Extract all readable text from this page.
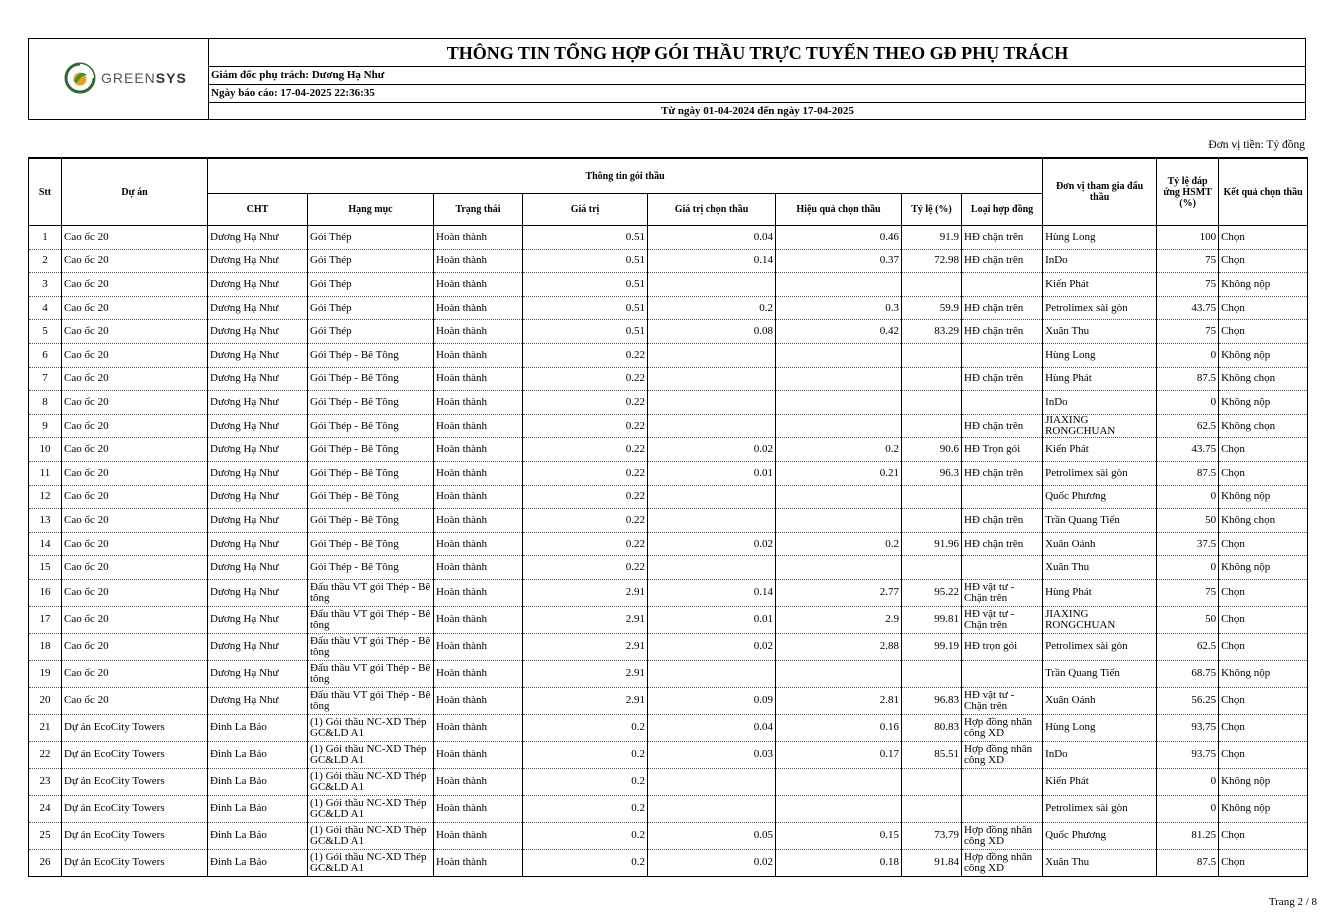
GREENSYS
THÔNG TIN TỔNG HỢP GÓI THẦU TRỰC TUYẾN THEO GĐ PHỤ TRÁCH
Giám đốc phụ trách: Dương Hạ Như
Ngày báo cáo: 17-04-2025 22:36:35
Từ ngày 01-04-2024 đến ngày 17-04-2025
Đơn vị tiền: Tỷ đồng
Stt	Dự án	Thông tin gói thầu								Đơn vị tham gia đấu thầu	Tỷ lệ đáp ứng HSMT (%)	Kết quả chọn thầu
		CHT	Hạng mục	Trạng thái	Giá trị	Giá trị chọn thầu	Hiệu quả chọn thầu	Tỷ lệ (%)	Loại hợp đồng			
1	Cao ốc 20	Dương Hạ Như	Gói Thép	Hoàn thành	0.51	0.04	0.46	91.9	HĐ chặn trên	Hùng Long	100	Chọn
2	Cao ốc 20	Dương Hạ Như	Gói Thép	Hoàn thành	0.51	0.14	0.37	72.98	HĐ chặn trên	InDo	75	Chọn
3	Cao ốc 20	Dương Hạ Như	Gói Thép	Hoàn thành	0.51					Kiến Phát	75	Không nộp
4	Cao ốc 20	Dương Hạ Như	Gói Thép	Hoàn thành	0.51	0.2	0.3	59.9	HĐ chặn trên	Petrolimex sài gòn	43.75	Chọn
5	Cao ốc 20	Dương Hạ Như	Gói Thép	Hoàn thành	0.51	0.08	0.42	83.29	HĐ chặn trên	Xuân Thu	75	Chọn
6	Cao ốc 20	Dương Hạ Như	Gói Thép - Bê Tông	Hoàn thành	0.22					Hùng Long	0	Không nộp
7	Cao ốc 20	Dương Hạ Như	Gói Thép - Bê Tông	Hoàn thành	0.22				HĐ chặn trên	Hùng Phát	87.5	Không chọn
8	Cao ốc 20	Dương Hạ Như	Gói Thép - Bê Tông	Hoàn thành	0.22					InDo	0	Không nộp
9	Cao ốc 20	Dương Hạ Như	Gói Thép - Bê Tông	Hoàn thành	0.22				HĐ chặn trên	JIAXING RONGCHUAN	62.5	Không chọn
10	Cao ốc 20	Dương Hạ Như	Gói Thép - Bê Tông	Hoàn thành	0.22	0.02	0.2	90.6	HĐ Trọn gói	Kiến Phát	43.75	Chọn
11	Cao ốc 20	Dương Hạ Như	Gói Thép - Bê Tông	Hoàn thành	0.22	0.01	0.21	96.3	HĐ chặn trên	Petrolimex sài gòn	87.5	Chọn
12	Cao ốc 20	Dương Hạ Như	Gói Thép - Bê Tông	Hoàn thành	0.22					Quốc Phương	0	Không nộp
13	Cao ốc 20	Dương Hạ Như	Gói Thép - Bê Tông	Hoàn thành	0.22				HĐ chặn trên	Trần Quang Tiến	50	Không chọn
14	Cao ốc 20	Dương Hạ Như	Gói Thép - Bê Tông	Hoàn thành	0.22	0.02	0.2	91.96	HĐ chặn trên	Xuân Oánh	37.5	Chọn
15	Cao ốc 20	Dương Hạ Như	Gói Thép - Bê Tông	Hoàn thành	0.22					Xuân Thu	0	Không nộp
16	Cao ốc 20	Dương Hạ Như	Đấu thầu VT gói Thép - Bê tông	Hoàn thành	2.91	0.14	2.77	95.22	HĐ vật tư - Chặn trên	Hùng Phát	75	Chọn
17	Cao ốc 20	Dương Hạ Như	Đấu thầu VT gói Thép - Bê tông	Hoàn thành	2.91	0.01	2.9	99.81	HĐ vật tư - Chặn trên	JIAXING RONGCHUAN	50	Chọn
18	Cao ốc 20	Dương Hạ Như	Đấu thầu VT gói Thép - Bê tông	Hoàn thành	2.91	0.02	2.88	99.19	HĐ trọn gói	Petrolimex sài gòn	62.5	Chọn
19	Cao ốc 20	Dương Hạ Như	Đấu thầu VT gói Thép - Bê tông	Hoàn thành	2.91					Trần Quang Tiến	68.75	Không nộp
20	Cao ốc 20	Dương Hạ Như	Đấu thầu VT gói Thép - Bê tông	Hoàn thành	2.91	0.09	2.81	96.83	HĐ vật tư - Chặn trên	Xuân Oánh	56.25	Chọn
21	Dự án EcoCity Towers	Đinh La Bảo	(1) Gói thầu NC-XD Thép GC&LD A1	Hoàn thành	0.2	0.04	0.16	80.83	Hợp đồng nhân công XD	Hùng Long	93.75	Chọn
22	Dự án EcoCity Towers	Đinh La Bảo	(1) Gói thầu NC-XD Thép GC&LD A1	Hoàn thành	0.2	0.03	0.17	85.51	Hợp đồng nhân công XD	InDo	93.75	Chọn
23	Dự án EcoCity Towers	Đinh La Bảo	(1) Gói thầu NC-XD Thép GC&LD A1	Hoàn thành	0.2					Kiến Phát	0	Không nộp
24	Dự án EcoCity Towers	Đinh La Bảo	(1) Gói thầu NC-XD Thép GC&LD A1	Hoàn thành	0.2					Petrolimex sài gòn	0	Không nộp
25	Dự án EcoCity Towers	Đinh La Bảo	(1) Gói thầu NC-XD Thép GC&LD A1	Hoàn thành	0.2	0.05	0.15	73.79	Hợp đồng nhân công XD	Quốc Phương	81.25	Chọn
26	Dự án EcoCity Towers	Đinh La Bảo	(1) Gói thầu NC-XD Thép GC&LD A1	Hoàn thành	0.2	0.02	0.18	91.84	Hợp đồng nhân công XD	Xuân Thu	87.5	Chọn
Trang 2 / 8
